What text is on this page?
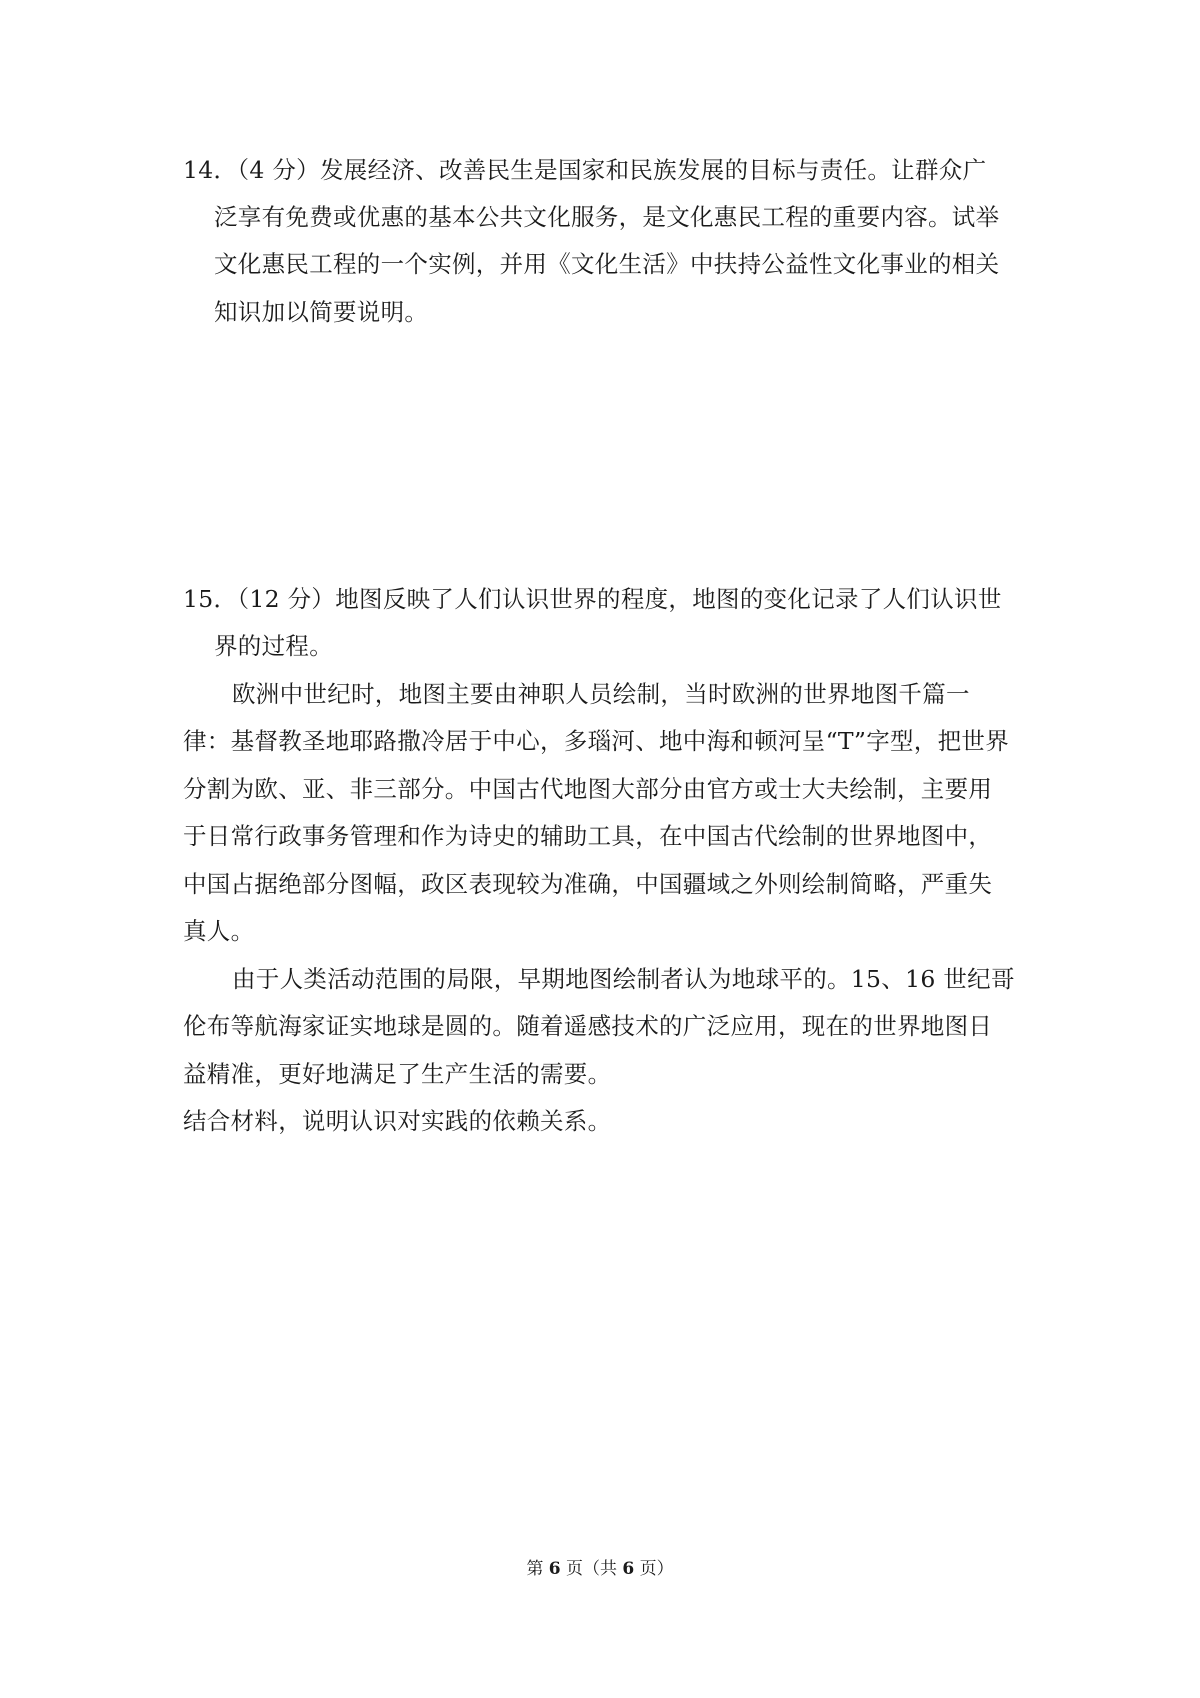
14．（4 分）发展经济、改善民生是国家和民族发展的目标与责任。让群众广
泛享有免费或优惠的基本公共文化服务，是文化惠民工程的重要内容。试举
文化惠民工程的一个实例，并用《文化生活》中扶持公益性文化事业的相关
知识加以简要说明。
15．（12 分）地图反映了人们认识世界的程度，地图的变化记录了人们认识世
界的过程。
欧洲中世纪时，地图主要由神职人员绘制，当时欧洲的世界地图千篇一
律：基督教圣地耶路撒冷居于中心，多瑙河、地中海和顿河呈“T”字型，把世界
分割为欧、亚、非三部分。中国古代地图大部分由官方或士大夫绘制，主要用
于日常行政事务管理和作为诗史的辅助工具，在中国古代绘制的世界地图中，
中国占据绝部分图幅，政区表现较为准确，中国疆域之外则绘制简略，严重失
真人。
由于人类活动范围的局限，早期地图绘制者认为地球平的。15、16 世纪哥
伦布等航海家证实地球是圆的。随着遥感技术的广泛应用，现在的世界地图日
益精准，更好地满足了生产生活的需要。
结合材料，说明认识对实践的依赖关系。
第 6 页（共 6 页）
